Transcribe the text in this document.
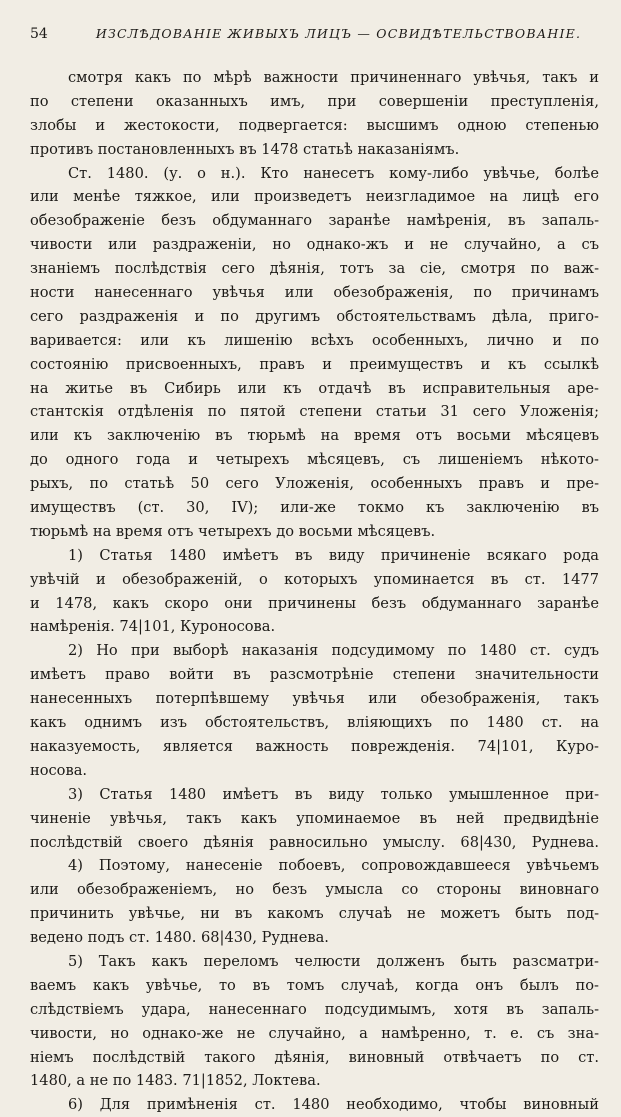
54	ИЗСЛѢДОВАНІЕ ЖИВЫХЪ ЛИЦЪ — ОСВИДѢТЕЛЬСТВОВАНІЕ.
смотря какъ по мѣрѣ важности причиненнаго увѣчья, такъ и
по степени оказанныхъ имъ, при совершеніи преступленія,
злобы и жестокости, подвергается: высшимъ одною степенью
противъ постановленныхъ въ 1478 статьѣ наказаніямъ.
Ст. 1480. (у. о н.). Кто нанесетъ кому-либо увѣчье, болѣе
или менѣе тяжкое, или произведетъ неизгладимое на лицѣ его
обезображеніе безъ обдуманнаго заранѣе намѣренія, въ запаль-
чивости или раздраженіи, но однако-жъ и не случайно, а съ
знаніемъ послѣдствія сего дѣянія, тотъ за сіе, смотря по важ-
ности нанесеннаго увѣчья или обезображенія, по причинамъ
сего раздраженія и по другимъ обстоятельствамъ дѣла, приго-
варивается: или къ лишенію всѣхъ особенныхъ, лично и по
состоянію присвоенныхъ, правъ и преимуществъ и къ ссылкѣ
на житье въ Сибирь или къ отдачѣ въ исправительныя аре-
стантскія отдѣленія по пятой степени статьи 31 сего Уложенія;
или къ заключенію въ тюрьмѣ на время отъ восьми мѣсяцевъ
до одного года и четырехъ мѣсяцевъ, съ лишеніемъ нѣкото-
рыхъ, по статьѣ 50 сего Уложенія, особенныхъ правъ и пре-
имуществъ (ст. 30, IV); или-же токмо къ заключенію въ
тюрьмѣ на время отъ четырехъ до восьми мѣсяцевъ.
1) Статья 1480 имѣетъ въ виду причиненіе всякаго рода
увѣчій и обезображеній, о которыхъ упоминается въ ст. 1477
и 1478, какъ скоро они причинены безъ обдуманнаго заранѣе
намѣренія. 74|101, Куроносова.
2) Но при выборѣ наказанія подсудимому по 1480 ст. судъ
имѣетъ право войти въ разсмотрѣніе степени значительности
нанесенныхъ потерпѣвшему увѣчья или обезображенія, такъ
какъ однимъ изъ обстоятельствъ, вліяющихъ по 1480 ст. на
наказуемость, является важность поврежденія. 74|101, Куро-
носова.
3) Статья 1480 имѣетъ въ виду только умышленное при-
чиненіе увѣчья, такъ какъ упоминаемое въ ней предвидѣніе
послѣдствій своего дѣянія равносильно умыслу. 68|430, Руднева.
4) Поэтому, нанесеніе побоевъ, сопровождавшееся увѣчьемъ
или обезображеніемъ, но безъ умысла со стороны виновнаго
причинить увѣчье, ни въ какомъ случаѣ не можетъ быть под-
ведено подъ ст. 1480. 68|430, Руднева.
5) Такъ какъ переломъ челюсти долженъ быть разсматри-
ваемъ какъ увѣчье, то въ томъ случаѣ, когда онъ былъ по-
слѣдствіемъ удара, нанесеннаго подсудимымъ, хотя въ запаль-
чивости, но однако-же не случайно, а намѣренно, т. е. съ зна-
ніемъ послѣдствій такого дѣянія, виновный отвѣчаетъ по ст.
1480, а не по 1483. 71|1852, Локтева.
6) Для примѣненія ст. 1480 необходимо, чтобы виновный
